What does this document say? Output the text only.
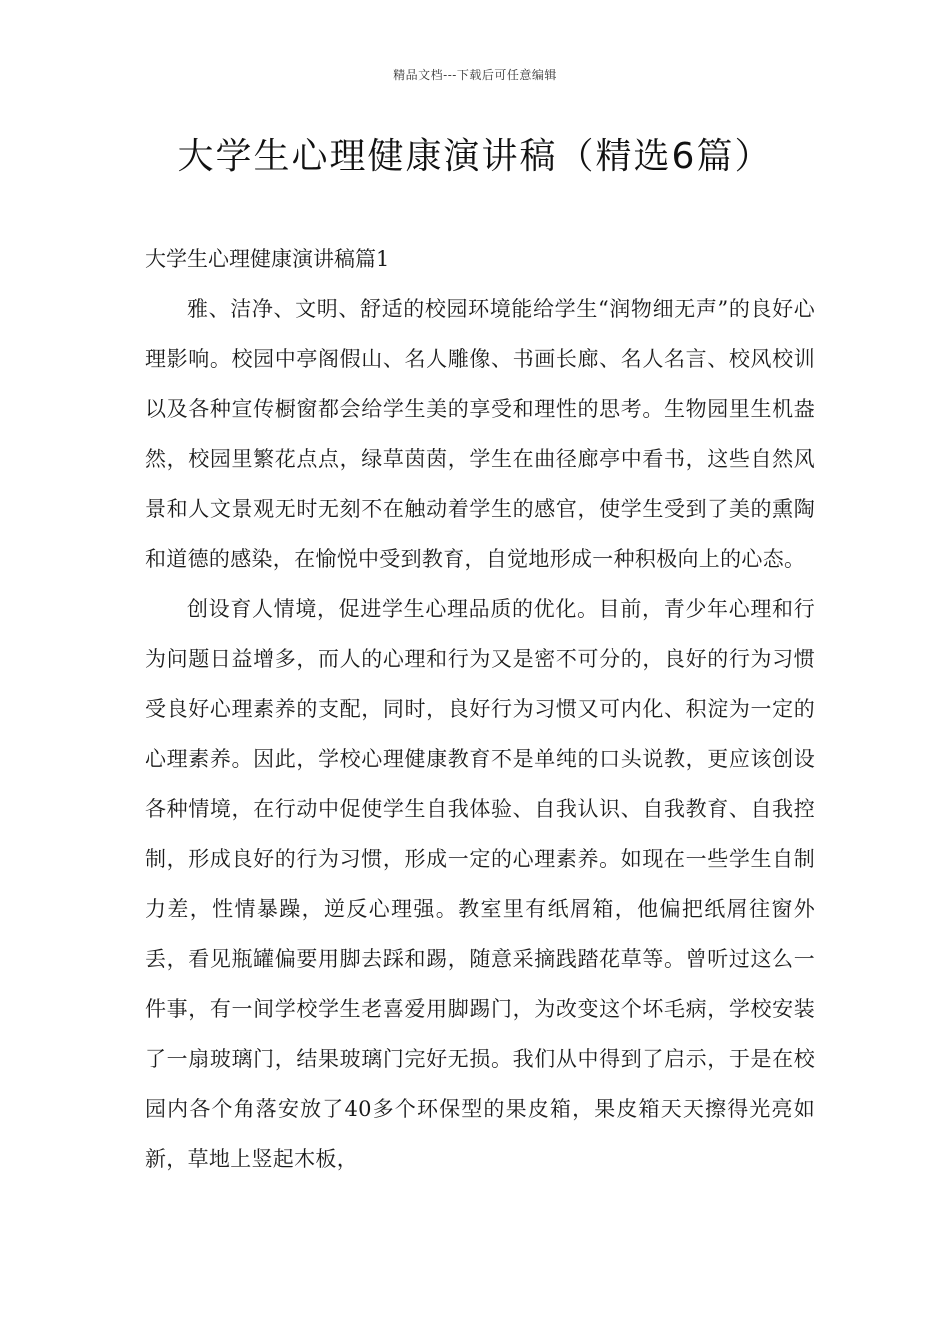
精品文档---下载后可任意编辑
大学生心理健康演讲稿（精选6篇）

大学生心理健康演讲稿篇1

雅、洁净、文明、舒适的校园环境能给学生“润物细无声”的良好心理影响。校园中亭阁假山、名人雕像、书画长廊、名人名言、校风校训以及各种宣传橱窗都会给学生美的享受和理性的思考。生物园里生机盎然，校园里繁花点点，绿草茵茵，学生在曲径廊亭中看书，这些自然风景和人文景观无时无刻不在触动着学生的感官，使学生受到了美的熏陶和道德的感染，在愉悦中受到教育，自觉地形成一种积极向上的心态。

创设育人情境，促进学生心理品质的优化。目前，青少年心理和行为问题日益增多，而人的心理和行为又是密不可分的，良好的行为习惯受良好心理素养的支配，同时，良好行为习惯又可内化、积淀为一定的心理素养。因此，学校心理健康教育不是单纯的口头说教，更应该创设各种情境，在行动中促使学生自我体验、自我认识、自我教育、自我控制，形成良好的行为习惯，形成一定的心理素养。如现在一些学生自制力差，性情暴躁，逆反心理强。教室里有纸屑箱，他偏把纸屑往窗外丢，看见瓶罐偏要用脚去踩和踢，随意采摘践踏花草等。曾听过这么一件事，有一间学校学生老喜爱用脚踢门，为改变这个坏毛病，学校安装了一扇玻璃门，结果玻璃门完好无损。我们从中得到了启示，于是在校园内各个角落安放了40多个环保型的果皮箱，果皮箱天天擦得光亮如新，草地上竖起木板，
